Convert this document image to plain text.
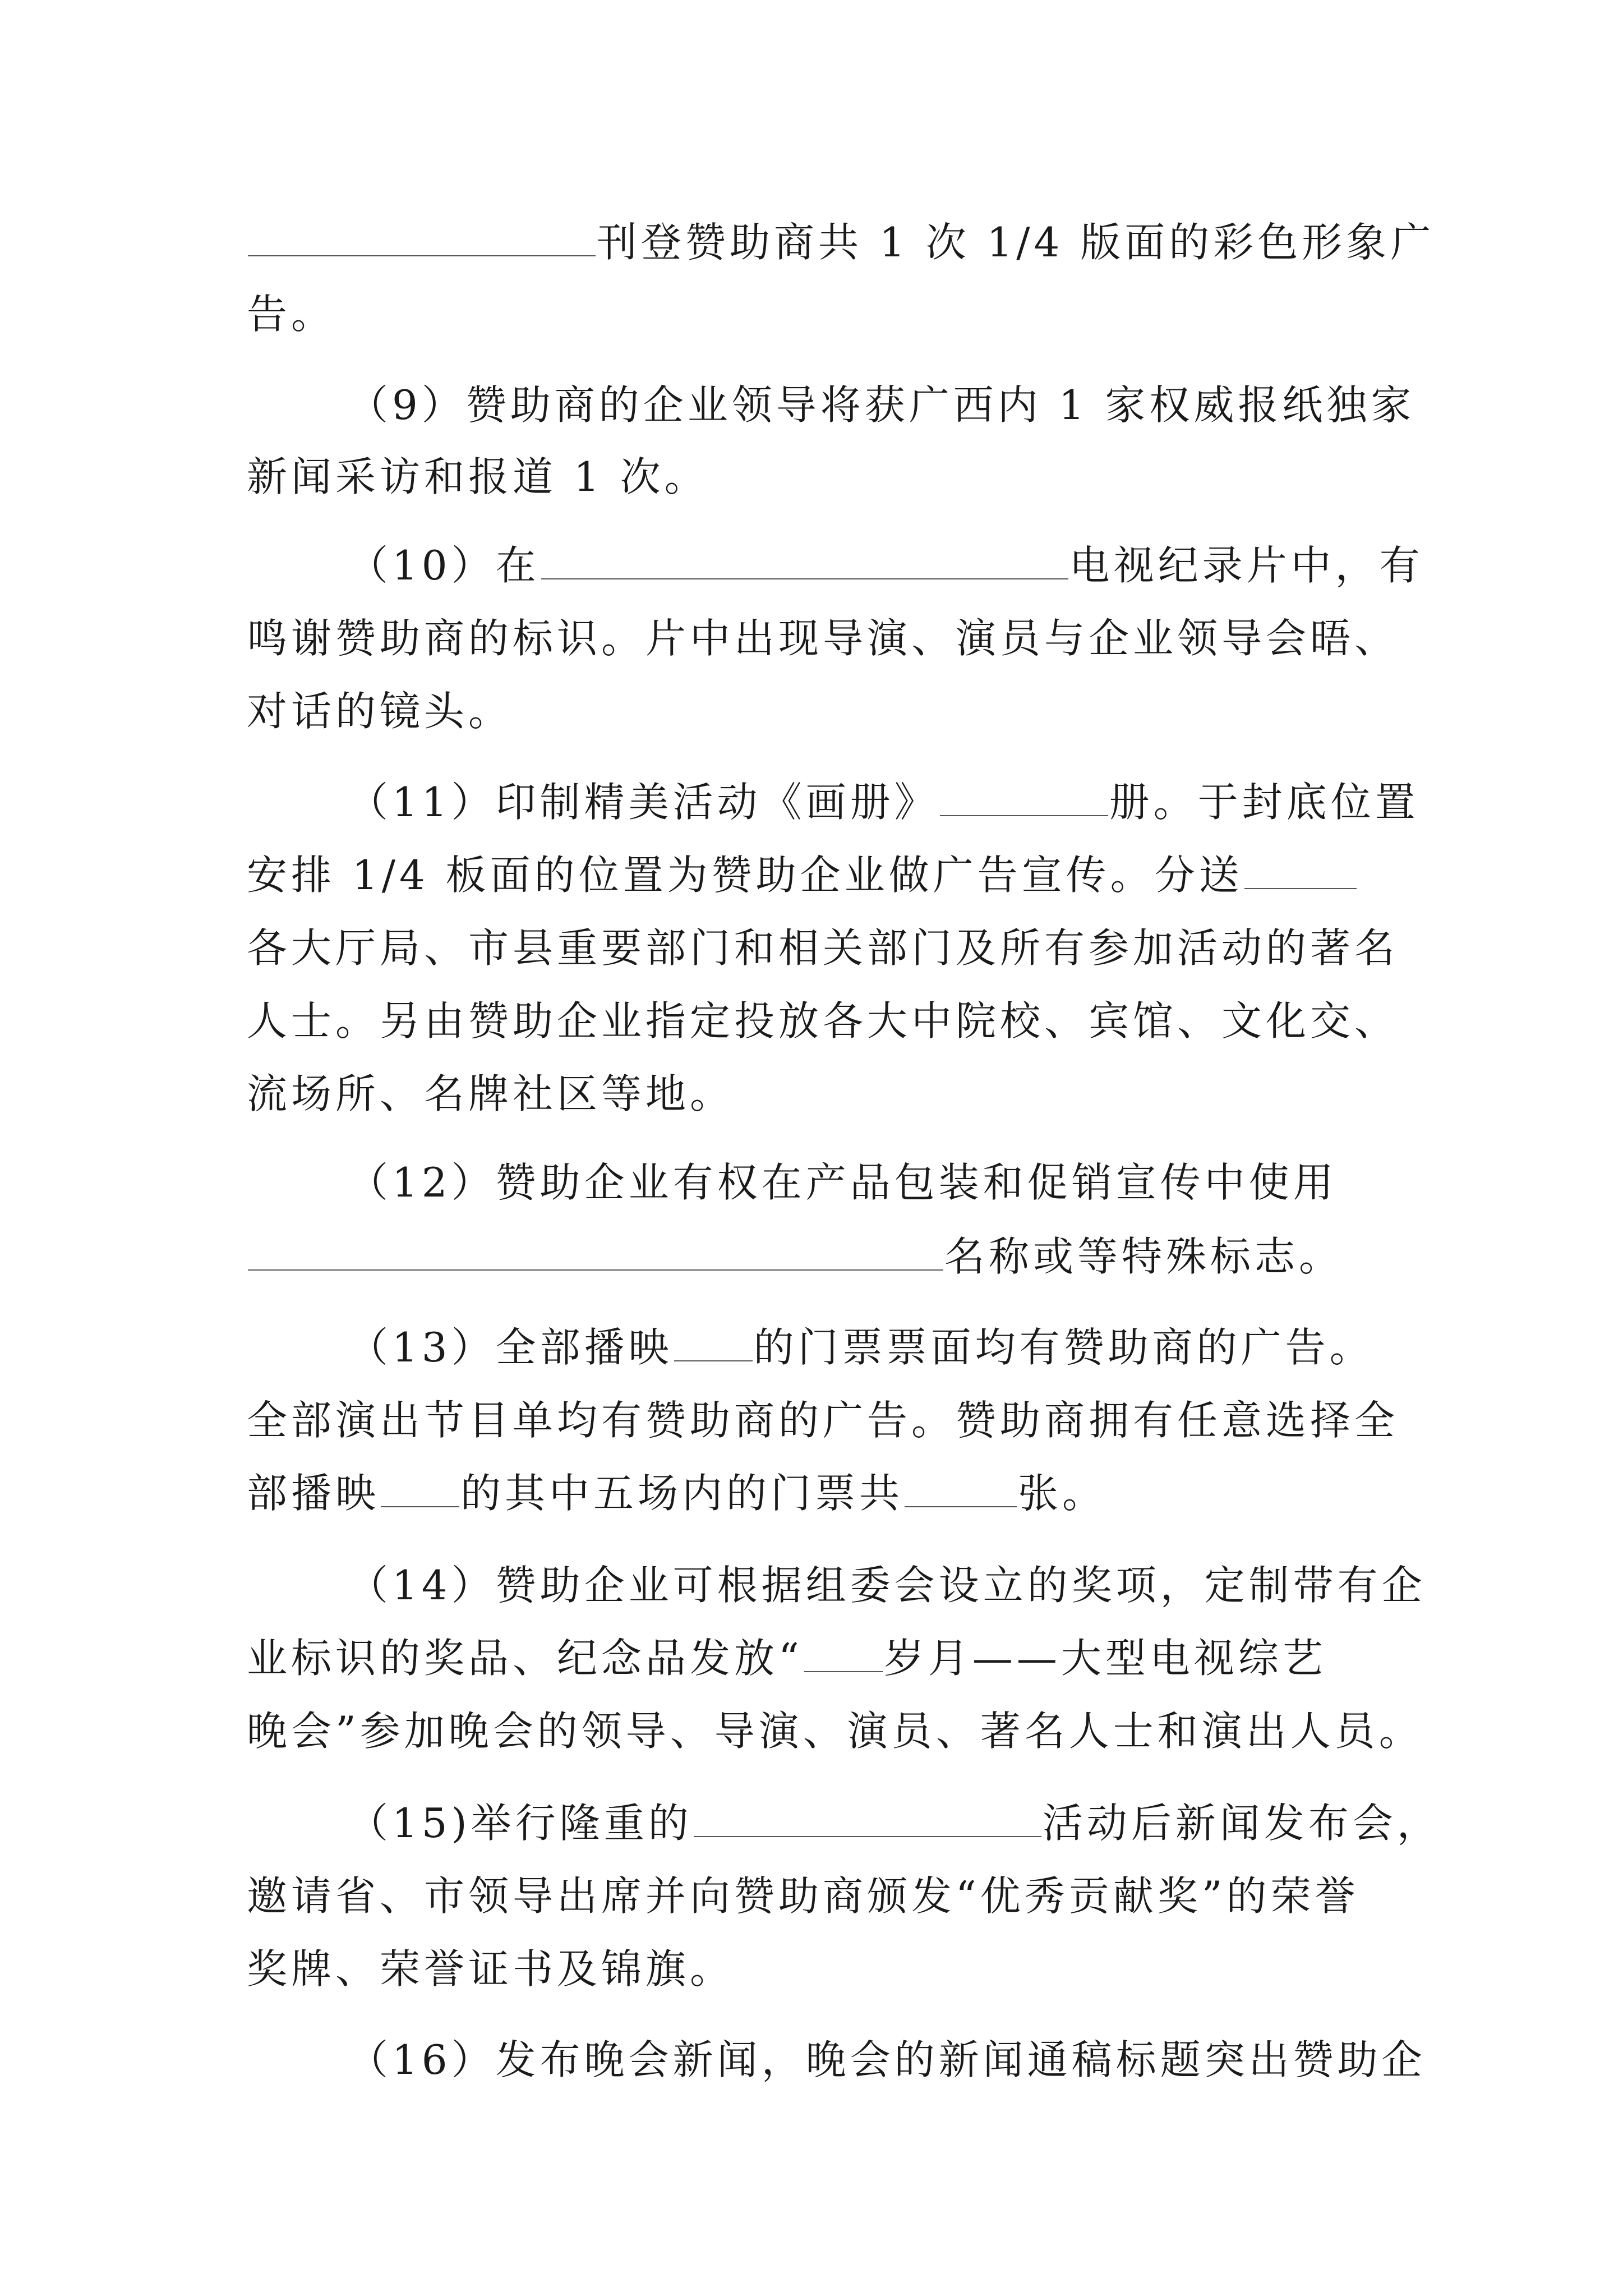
刊登赞助商共 1 次 1/4 版面的彩色形象广
告。
（9）赞助商的企业领导将获广西内 1 家权威报纸独家
新闻采访和报道 1 次。
（10）在	电视纪录片中，有
鸣谢赞助商的标识。片中出现导演、演员与企业领导会晤、
对话的镜头。
（11）印制精美活动《画册》	册。于封底位置
安排 1/4 板面的位置为赞助企业做广告宣传。分送
各大厅局、市县重要部门和相关部门及所有参加活动的著名
人士。另由赞助企业指定投放各大中院校、宾馆、文化交、
流场所、名牌社区等地。
（12）赞助企业有权在产品包装和促销宣传中使用
名称或等特殊标志。
（13）全部播映 的门票票面均有赞助商的广告。
全部演出节目单均有赞助商的广告。赞助商拥有任意选择全
部播映 的其中五场内的门票共	张。
（14）赞助企业可根据组委会设立的奖项，定制带有企
业标识的奖品、纪念品发放“ 岁月——大型电视综艺
晚会”参加晚会的领导、导演、演员、著名人士和演出人员。
（15)举行隆重的	活动后新闻发布会，
邀请省、市领导出席并向赞助商颁发“优秀贡献奖”的荣誉
奖牌、荣誉证书及锦旗。
（16）发布晚会新闻，晚会的新闻通稿标题突出赞助企
